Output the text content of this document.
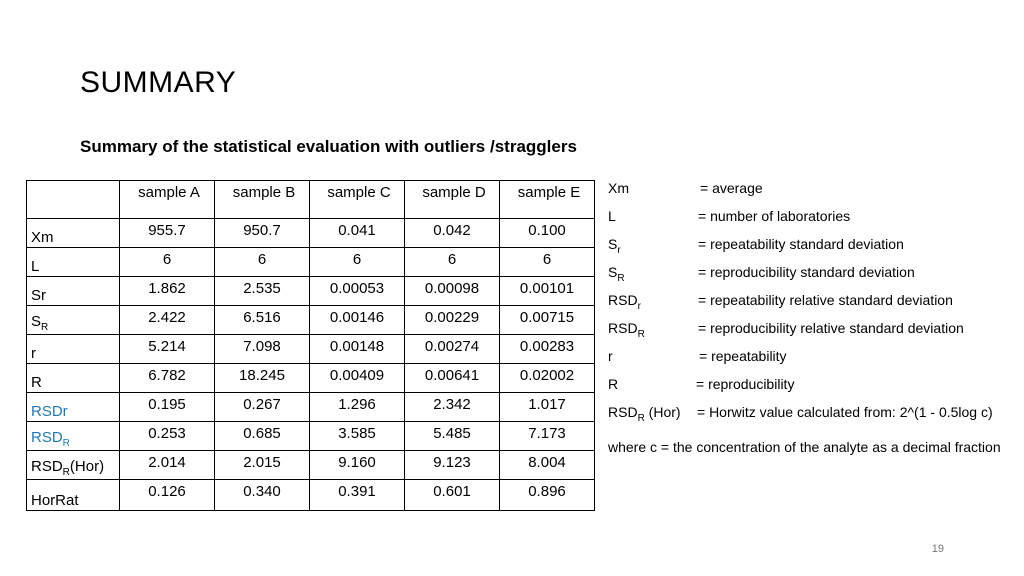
SUMMARY
Summary of the statistical evaluation with outliers /stragglers
	sample A	sample B	sample C	sample D	sample E
Xm	955.7	950.7	0.041	0.042	0.100
L	6	6	6	6	6
Sr	1.862	2.535	0.00053	0.00098	0.00101
$S_R$	2.422	6.516	0.00146	0.00229	0.00715
r	5.214	7.098	0.00148	0.00274	0.00283
R	6.782	18.245	0.00409	0.00641	0.02002
RSDr	0.195	0.267	1.296	2.342	1.017
$RSD_R$	0.253	0.685	3.585	5.485	7.173
$RSD_R(Hor)$	2.014	2.015	9.160	9.123	8.004
HorRat	0.126	0.340	0.391	0.601	0.896
Xm	= average
L	= number of laboratories
$S_r$	= repeatability standard deviation
$S_R$	= reproducibility standard deviation
$RSD_r$	= repeatability relative standard deviation
$RSD_R$	= reproducibility relative standard deviation
r	= repeatability
R	= reproducibility
$RSD_R$ (Hor) = Horwitz value calculated from: 2^(1 - 0.5log c)
where c = the concentration of the analyte as a decimal fraction
19
